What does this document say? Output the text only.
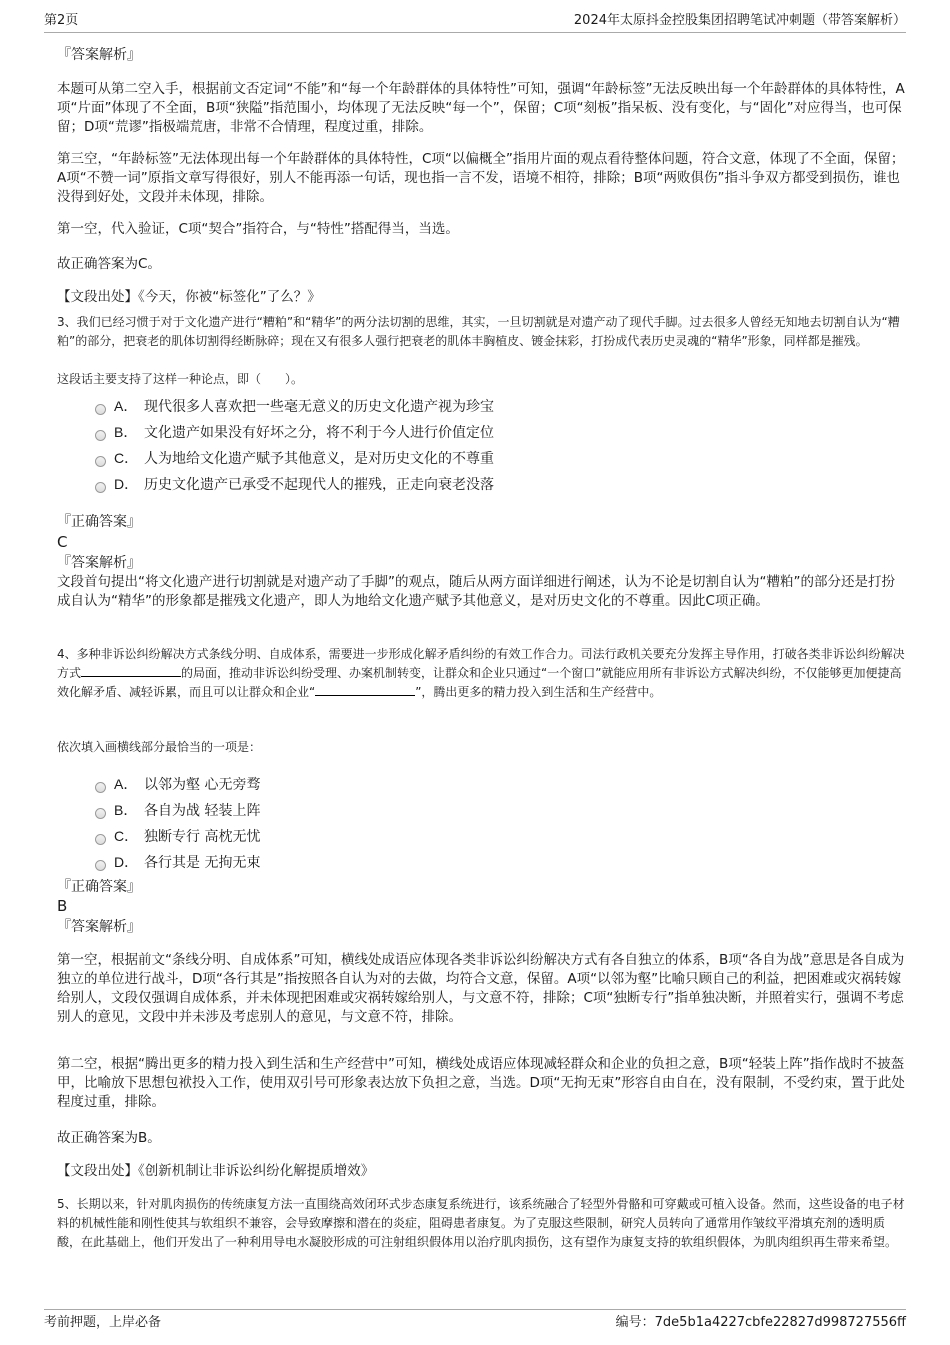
第2页	2024年太原抖金控股集团招聘笔试冲刺题（带答案解析）
『答案解析』

本题可从第二空入手，根据前文否定词“不能”和“每一个年龄群体的具体特性”可知，强调“年龄标签”无法反映出每一个年龄群体的具体特性，A项“片面”体现了不全面，B项“狭隘”指范围小，均体现了无法反映“每一个”，保留；C项“刻板”指呆板、没有变化，与“固化”对应得当，也可保留；D项“荒谬”指极端荒唐，非常不合情理，程度过重，排除。

第三空，“年龄标签”无法体现出每一个年龄群体的具体特性，C项“以偏概全”指用片面的观点看待整体问题，符合文意，体现了不全面，保留；A项“不赞一词”原指文章写得很好，别人不能再添一句话，现也指一言不发，语境不相符，排除；B项“两败俱伤”指斗争双方都受到损伤，谁也没得到好处，文段并未体现，排除。

第一空，代入验证，C项“契合”指符合，与“特性”搭配得当，当选。

故正确答案为C。

【文段出处】《今天，你被“标签化”了么？》

3、我们已经习惯于对于文化遗产进行“糟粕”和“精华”的两分法切割的思维，其实，一旦切割就是对遗产动了现代手脚。过去很多人曾经无知地去切割自认为“糟粕”的部分，把衰老的肌体切割得经断脉碎；现在又有很多人强行把衰老的肌体丰胸植皮、镀金抹彩，打扮成代表历史灵魂的“精华”形象，同样都是摧残。

这段话主要支持了这样一种论点，即（　　）。

A． 现代很多人喜欢把一些毫无意义的历史文化遗产视为珍宝
B． 文化遗产如果没有好坏之分，将不利于今人进行价值定位
C． 人为地给文化遗产赋予其他意义，是对历史文化的不尊重
D． 历史文化遗产已承受不起现代人的摧残，正走向衰老没落
『正确答案』
C
『答案解析』

文段首句提出“将文化遗产进行切割就是对遗产动了手脚”的观点，随后从两方面详细进行阐述，认为不论是切割自认为“糟粕”的部分还是打扮成自认为“精华”的形象都是摧残文化遗产，即人为地给文化遗产赋予其他意义，是对历史文化的不尊重。因此C项正确。

4、多种非诉讼纠纷解决方式条线分明、自成体系，需要进一步形成化解矛盾纠纷的有效工作合力。司法行政机关要充分发挥主导作用，打破各类非诉讼纠纷解决方式	的局面，推动非诉讼纠纷受理、办案机制转变，让群众和企业只通过“一个窗口”就能应用所有非诉讼方式解决纠纷，不仅能够更加便捷高效化解矛盾、减轻诉累，而且可以让群众和企业“	”，腾出更多的精力投入到生活和生产经营中。

依次填入画横线部分最恰当的一项是：

A． 以邻为壑 心无旁骛
B． 各自为战 轻装上阵
C． 独断专行 高枕无忧
D． 各行其是 无拘无束
『正确答案』
B
『答案解析』

第一空，根据前文“条线分明、自成体系”可知，横线处成语应体现各类非诉讼纠纷解决方式有各自独立的体系，B项“各自为战”意思是各自成为独立的单位进行战斗，D项“各行其是”指按照各自认为对的去做，均符合文意，保留。A项“以邻为壑”比喻只顾自己的利益，把困难或灾祸转嫁给别人，文段仅强调自成体系，并未体现把困难或灾祸转嫁给别人，与文意不符，排除；C项“独断专行”指单独决断，并照着实行，强调不考虑别人的意见，文段中并未涉及考虑别人的意见，与文意不符，排除。

第二空，根据“腾出更多的精力投入到生活和生产经营中”可知，横线处成语应体现减轻群众和企业的负担之意，B项“轻装上阵”指作战时不披盔甲，比喻放下思想包袱投入工作，使用双引号可形象表达放下负担之意，当选。D项“无拘无束”形容自由自在，没有限制，不受约束，置于此处程度过重，排除。

故正确答案为B。

【文段出处】《创新机制让非诉讼纠纷化解提质增效》

5、长期以来，针对肌肉损伤的传统康复方法一直围绕高效闭环式步态康复系统进行，该系统融合了轻型外骨骼和可穿戴或可植入设备。然而，这些设备的电子材料的机械性能和刚性使其与软组织不兼容，会导致摩擦和潜在的炎症，阻碍患者康复。为了克服这些限制，研究人员转向了通常用作皱纹平滑填充剂的透明质酸，在此基础上，他们开发出了一种利用导电水凝胶形成的可注射组织假体用以治疗肌肉损伤，这有望作为康复支持的软组织假体，为肌肉组织再生带来希望。

考前押题，上岸必备	编号：7de5b1a4227cbfe22827d998727556ff
